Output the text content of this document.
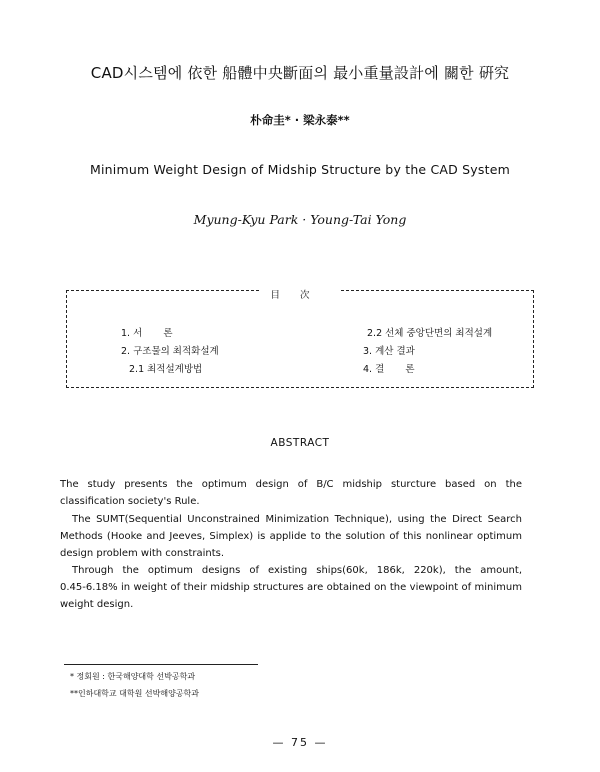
CAD시스템에 依한 船體中央斷面의 最小重量設計에 關한 硏究
朴命圭* · 梁永泰**
Minimum Weight Design of Midship Structure by the CAD System
Myung-Kyu Park · Young-Tai Yong
目次
1. 서       론
2. 구조물의 최적화설계
2.1 최적설계방법
2.2 선체 중앙단면의 최적설계
3. 계산 결과
4. 결       론
ABSTRACT
The study presents the optimum design of B/C midship sturcture based on the
classification society's Rule.
The SUMT(Sequential Unconstrained Minimization Technique), using the Direct Search
Methods (Hooke and Jeeves, Simplex) is applide to the solution of this nonlinear optimum
design problem with constraints.
Through the optimum designs of existing ships(60k, 186k, 220k), the amount,
0.45-6.18% in weight of their midship structures are obtained on the viewpoint of minimum
weight design.
* 정회원 : 한국해양대학 선박공학과
**인하대학교 대학원 선박해양공학과
— 75 —
